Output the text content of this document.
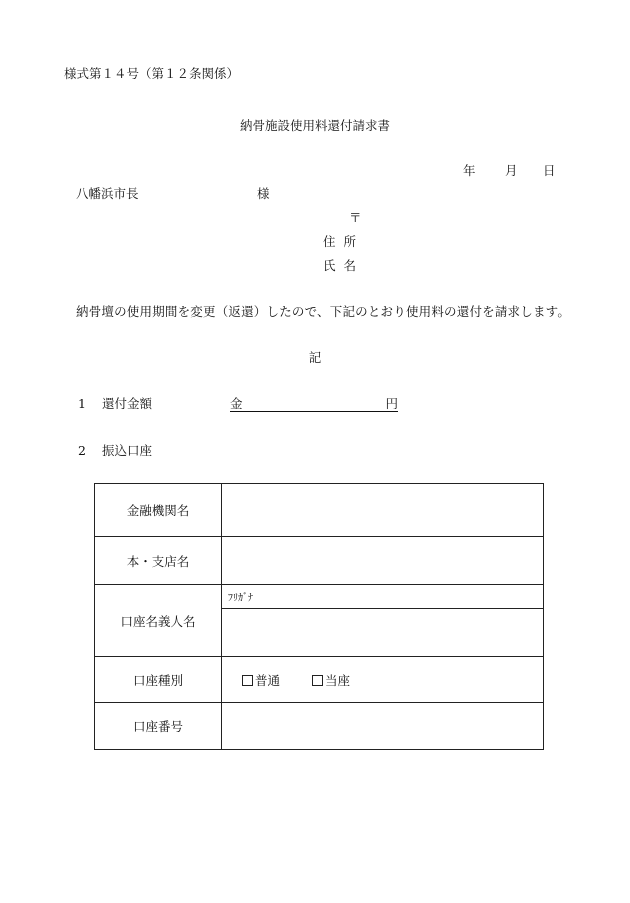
様式第１４号（第１２条関係）
納骨施設使用料還付請求書
年 月 日
八幡浜市長	様
〒
住所
氏名
納骨壇の使用期間を変更（返還）したので、下記のとおり使用料の還付を請求します。
記
1 還付金額	金	円
2 振込口座
金融機関名	
本・支店名	
口座名義人名	ﾌﾘｶﾞﾅ

口座種別	普通 当座
口座番号	
